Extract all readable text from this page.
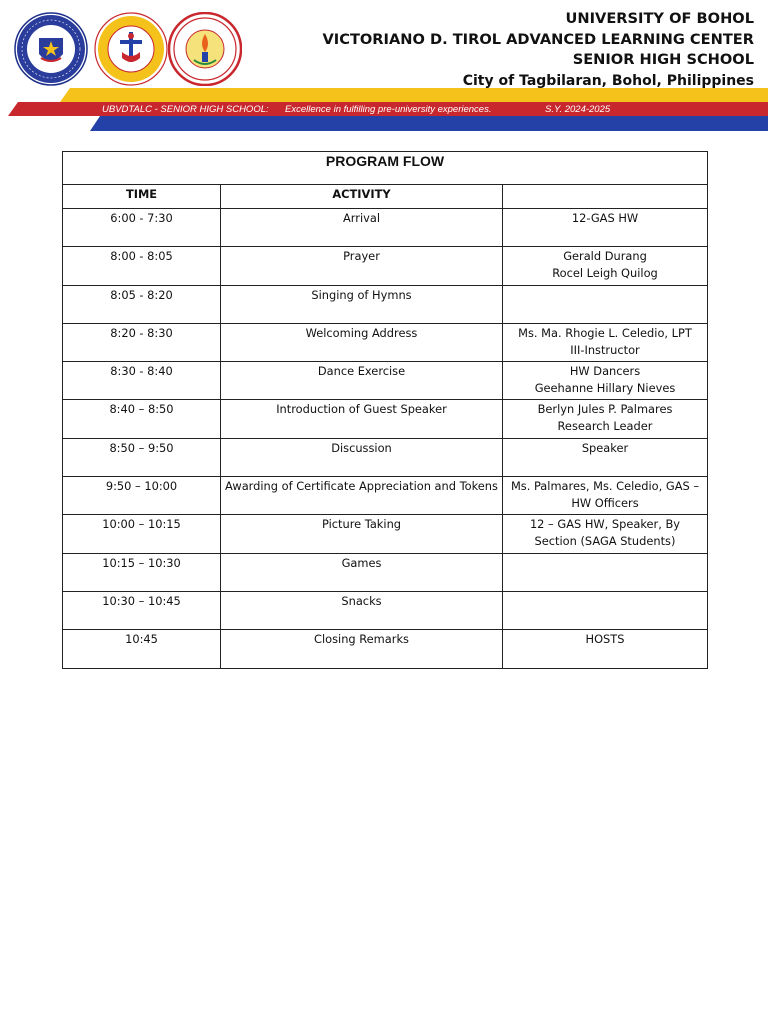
UNIVERSITY OF BOHOL
VICTORIANO D. TIROL ADVANCED LEARNING CENTER
SENIOR HIGH SCHOOL
City of Tagbilaran, Bohol, Philippines
UBVDTALC - SENIOR HIGH SCHOOL: Excellence in fulfilling pre-university experiences.	S.Y. 2024-2025
PROGRAM FLOW		
TIME	ACTIVITY	
6:00 - 7:30	Arrival	12-GAS HW

8:00 - 8:05	Prayer	Gerald Durang
Rocel Leigh Quilog

8:05 - 8:20	Singing of Hymns	
8:20 - 8:30	Welcoming Address	Ms. Ma. Rhogie L. Celedio, LPT
III-Instructor

8:30 - 8:40	Dance Exercise	HW Dancers
Geehanne Hillary Nieves

8:40 – 8:50	Introduction of Guest Speaker	Berlyn Jules P. Palmares
Research Leader

8:50 – 9:50	Discussion	Speaker

9:50 – 10:00	Awarding of Certificate Appreciation and Tokens	Ms. Palmares, Ms. Celedio, GAS –
HW Officers

10:00 – 10:15	Picture Taking	12 – GAS HW, Speaker, By
Section (SAGA Students)

10:15 – 10:30	Games	
10:30 – 10:45	Snacks	
10:45	Closing Remarks	HOSTS
